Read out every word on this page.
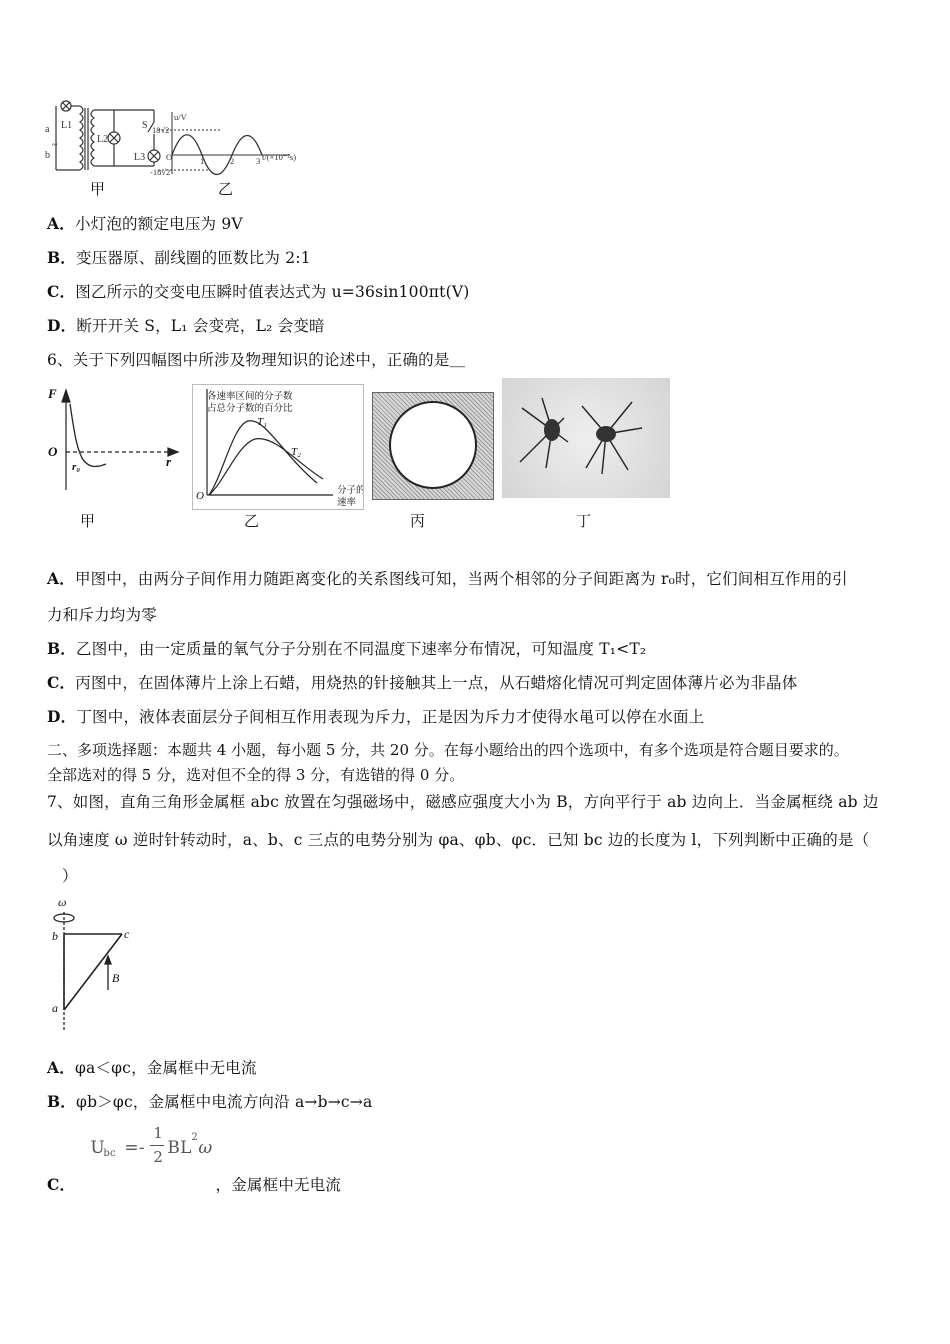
a
b
~
L1
L2
S
L3
甲
u/V
18√2
-18√2
O	1	2	3 t/(×10⁻²s)
乙
A．小灯泡的额定电压为 9V
B．变压器原、副线圈的匝数比为 2:1
C．图乙所示的交变电压瞬时值表达式为 u=36sin100πt(V)
D．断开开关 S，L₁ 会变亮，L₂ 会变暗
6、关于下列四幅图中所涉及物理知识的论述中，正确的是＿
F
O
r
r₀
各速率区间的分子数
占总分子数的百分比
T₁
T₂
O	分子的
速率
甲	乙	丙	丁
A．甲图中，由两分子间作用力随距离变化的关系图线可知，当两个相邻的分子间距离为 r₀时，它们间相互作用的引
力和斥力均为零
B．乙图中，由一定质量的氧气分子分别在不同温度下速率分布情况，可知温度 T₁<T₂
C．丙图中，在固体薄片上涂上石蜡，用烧热的针接触其上一点，从石蜡熔化情况可判定固体薄片必为非晶体
D．丁图中，液体表面层分子间相互作用表现为斥力，正是因为斥力才使得水黾可以停在水面上
二、多项选择题：本题共 4 小题，每小题 5 分，共 20 分。在每小题给出的四个选项中，有多个选项是符合题目要求的。
全部选对的得 5 分，选对但不全的得 3 分，有选错的得 0 分。
7、如图，直角三角形金属框 abc 放置在匀强磁场中，磁感应强度大小为 B，方向平行于 ab 边向上．当金属框绕 ab 边
以角速度 ω 逆时针转动时，a、b、c 三点的电势分别为 φa、φb、φc．已知 bc 边的长度为 l，下列判断中正确的是（
）
ω
b	c
a
B
A．φa＜φc，金属框中无电流
B．φb＞φc，金属框中电流方向沿 a→b→c→a
C．
U
bc =-
1
2 BL
2
ω
，金属框中无电流
